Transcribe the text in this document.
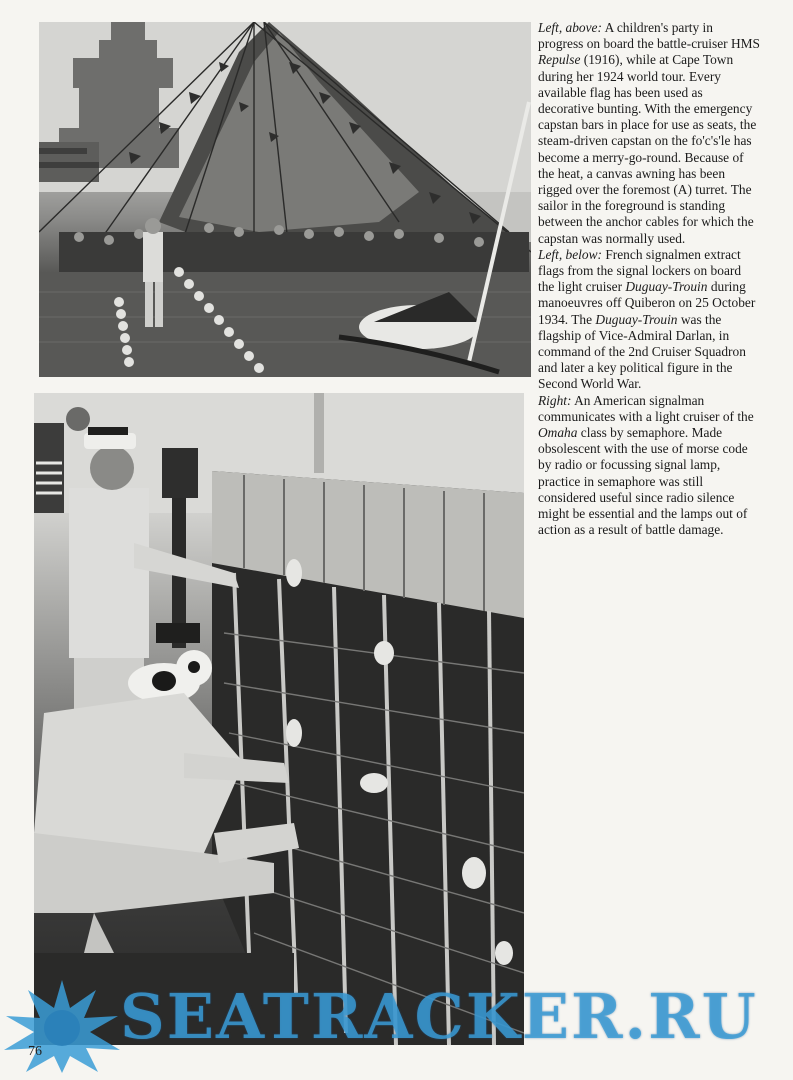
Left, above: A children's party in progress on board the battle-cruiser HMS Repulse (1916), while at Cape Town during her 1924 world tour. Every available flag has been used as decorative bunting. With the emergency capstan bars in place for use as seats, the steam-driven capstan on the fo'c's'le has become a merry-go-round. Because of the heat, a canvas awning has been rigged over the foremost (A) turret. The sailor in the foreground is standing between the anchor cables for which the capstan was normally used.

Left, below: French signalmen extract flags from the signal lockers on board the light cruiser Duguay-Trouin during manoeuvres off Quiberon on 25 October 1934. The Duguay-Trouin was the flagship of Vice-Admiral Darlan, in command of the 2nd Cruiser Squadron and later a key political figure in the Second World War.

Right: An American signalman communicates with a light cruiser of the Omaha class by semaphore. Made obsolescent with the use of morse code by radio or focussing signal lamp, practice in semaphore was still considered useful since radio silence might be essential and the lamps out of action as a result of battle damage.

SEATRACKER.RU
76
